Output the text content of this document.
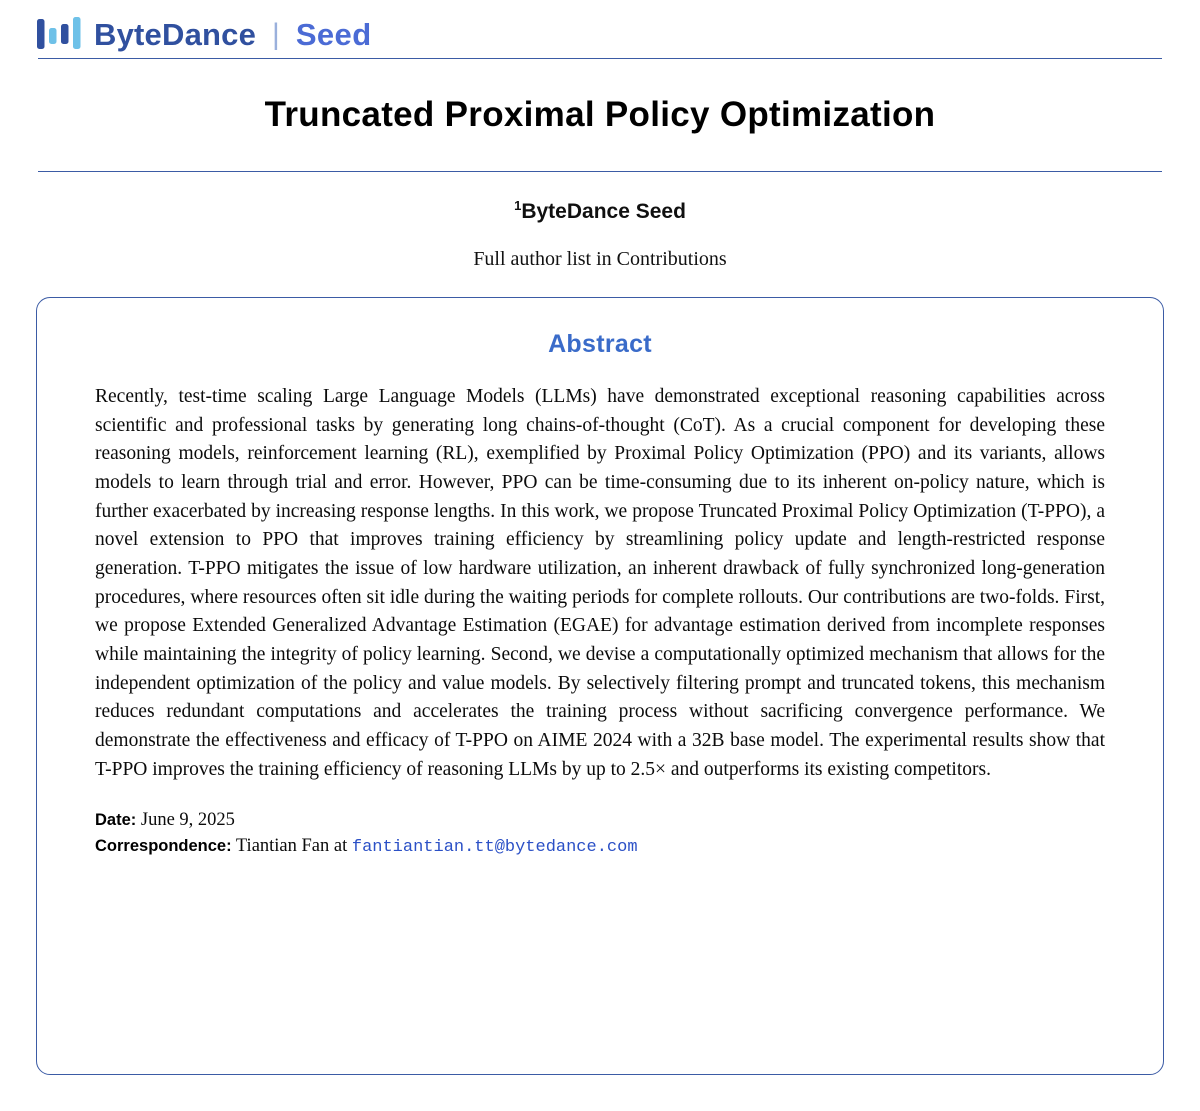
ByteDance | Seed
Truncated Proximal Policy Optimization
$^1$ByteDance Seed
Full author list in Contributions
Abstract

Recently, test-time scaling Large Language Models (LLMs) have demonstrated exceptional reasoning capabilities across scientific and professional tasks by generating long chains-of-thought (CoT). As a crucial component for developing these reasoning models, reinforcement learning (RL), exemplified by Proximal Policy Optimization (PPO) and its variants, allows models to learn through trial and error. However, PPO can be time-consuming due to its inherent on-policy nature, which is further exacerbated by increasing response lengths. In this work, we propose Truncated Proximal Policy Optimization (T-PPO), a novel extension to PPO that improves training efficiency by streamlining policy update and length-restricted response generation. T-PPO mitigates the issue of low hardware utilization, an inherent drawback of fully synchronized long-generation procedures, where resources often sit idle during the waiting periods for complete rollouts. Our contributions are two-folds. First, we propose Extended Generalized Advantage Estimation (EGAE) for advantage estimation derived from incomplete responses while maintaining the integrity of policy learning. Second, we devise a computationally optimized mechanism that allows for the independent optimization of the policy and value models. By selectively filtering prompt and truncated tokens, this mechanism reduces redundant computations and accelerates the training process without sacrificing convergence performance. We demonstrate the effectiveness and efficacy of T-PPO on AIME 2024 with a 32B base model. The experimental results show that T-PPO improves the training efficiency of reasoning LLMs by up to 2.5× and outperforms its existing competitors.

Date: June 9, 2025
Correspondence: Tiantian Fan at fantiantian.tt@bytedance.com
